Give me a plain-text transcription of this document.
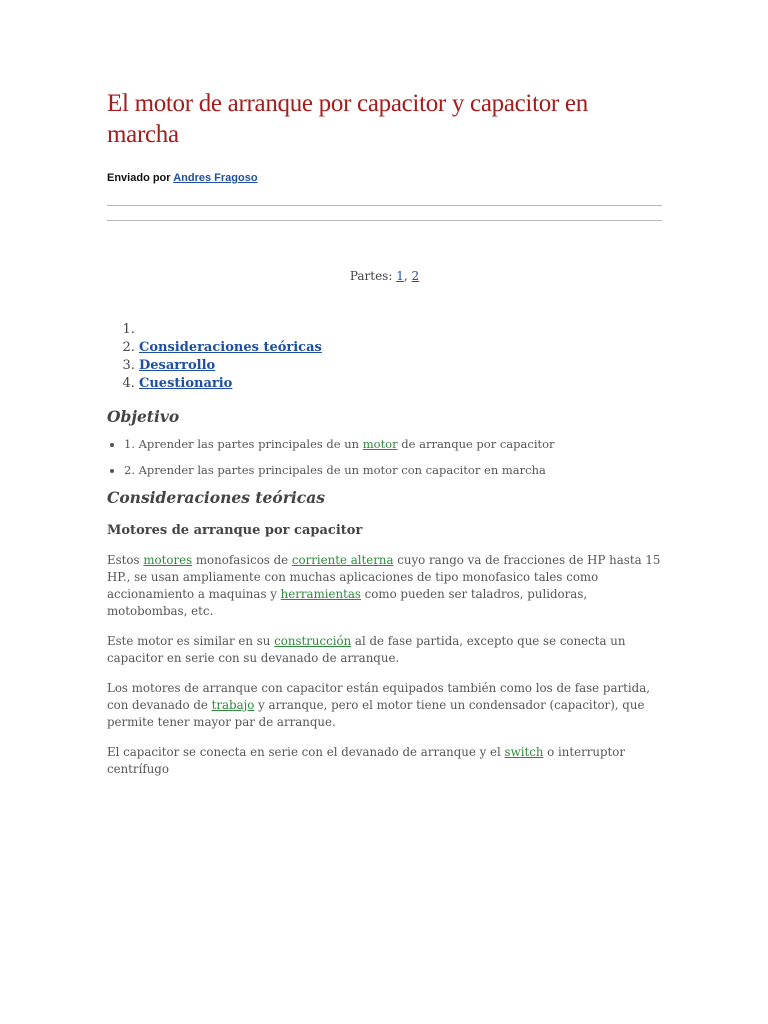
El motor de arranque por capacitor y capacitor en marcha
Enviado por Andres Fragoso
Partes: 1, 2
1.
2. Consideraciones teóricas
3. Desarrollo
4. Cuestionario
Objetivo
• 1. Aprender las partes principales de un motor de arranque por capacitor
• 2. Aprender las partes principales de un motor con capacitor en marcha
Consideraciones teóricas
Motores de arranque por capacitor

Estos motores monofasicos de corriente alterna cuyo rango va de fracciones de HP hasta 15 HP., se usan ampliamente con muchas aplicaciones de tipo monofasico tales como accionamiento a maquinas y herramientas como pueden ser taladros, pulidoras, motobombas, etc.

Este motor es similar en su construcción al de fase partida, excepto que se conecta un capacitor en serie con su devanado de arranque.

Los motores de arranque con capacitor están equipados también como los de fase partida, con devanado de trabajo y arranque, pero el motor tiene un condensador (capacitor), que permite tener mayor par de arranque.

El capacitor se conecta en serie con el devanado de arranque y el switch o interruptor centrífugo
